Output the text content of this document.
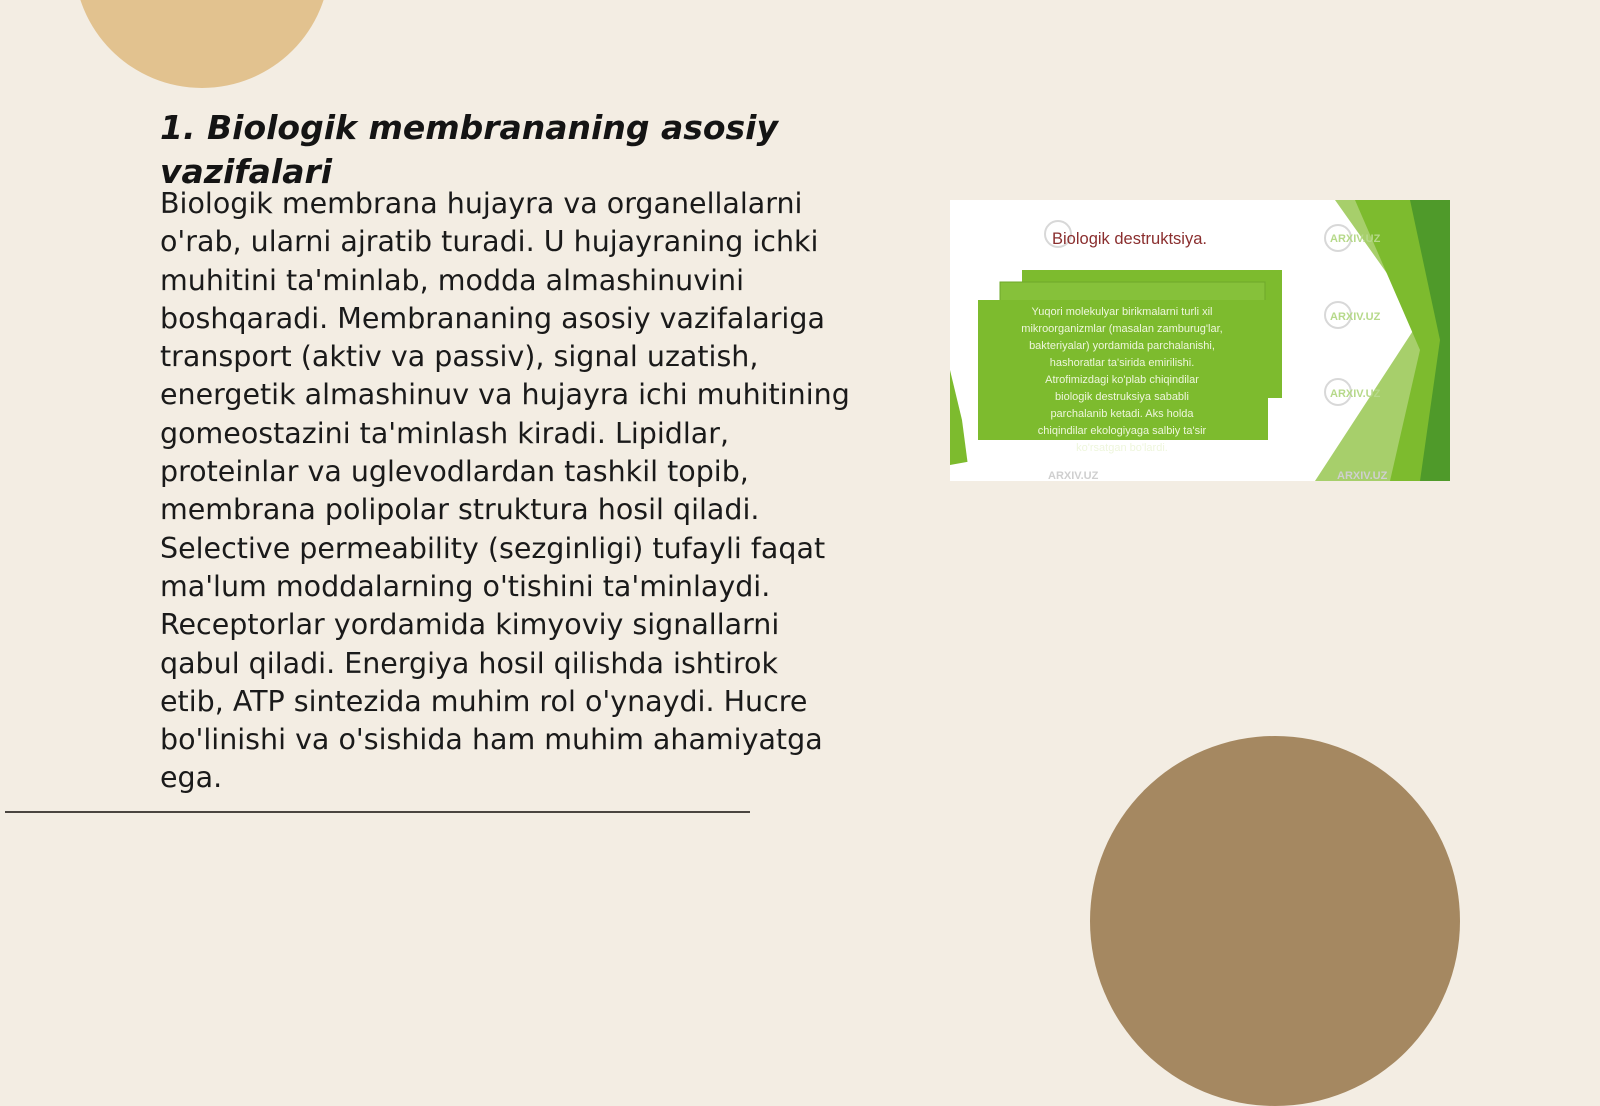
1. Biologik membrananing asosiy vazifalari

Biologik membrana hujayra va organellalarni o'rab, ularni ajratib turadi. U hujayraning ichki muhitini ta'minlab, modda almashinuvini boshqaradi. Membrananing asosiy vazifalariga transport (aktiv va passiv), signal uzatish, energetik almashinuv va hujayra ichi muhitining gomeostazini ta'minlash kiradi. Lipidlar, proteinlar va uglevodlardan tashkil topib, membrana polipolar struktura hosil qiladi. Selective permeability (sezginligi) tufayli faqat ma'lum moddalarning o'tishini ta'minlaydi. Receptorlar yordamida kimyoviy signallarni qabul qiladi. Energiya hosil qilishda ishtirok etib, ATP sintezida muhim rol o'ynaydi. Hucre bo'linishi va o'sishida ham muhim ahamiyatga ega.

Biologik destruktsiya.
Yuqori molekulyar birikmalarni turli xil
mikroorganizmlar (masalan zamburug'lar,
bakteriyalar) yordamida parchalanishi,
hashoratlar ta'sirida emirilishi.
Atrofimizdagi ko'plab chiqindilar
biologik destruksiya sababli
parchalanib ketadi. Aks holda
chiqindilar ekologiyaga salbiy ta'sir
ko'rsatgan bo'lardi.
ARXIV.UZ	ARXIV.UZ
ARXIV.UZ
ARXIV.UZ
ARXIV.UZ
